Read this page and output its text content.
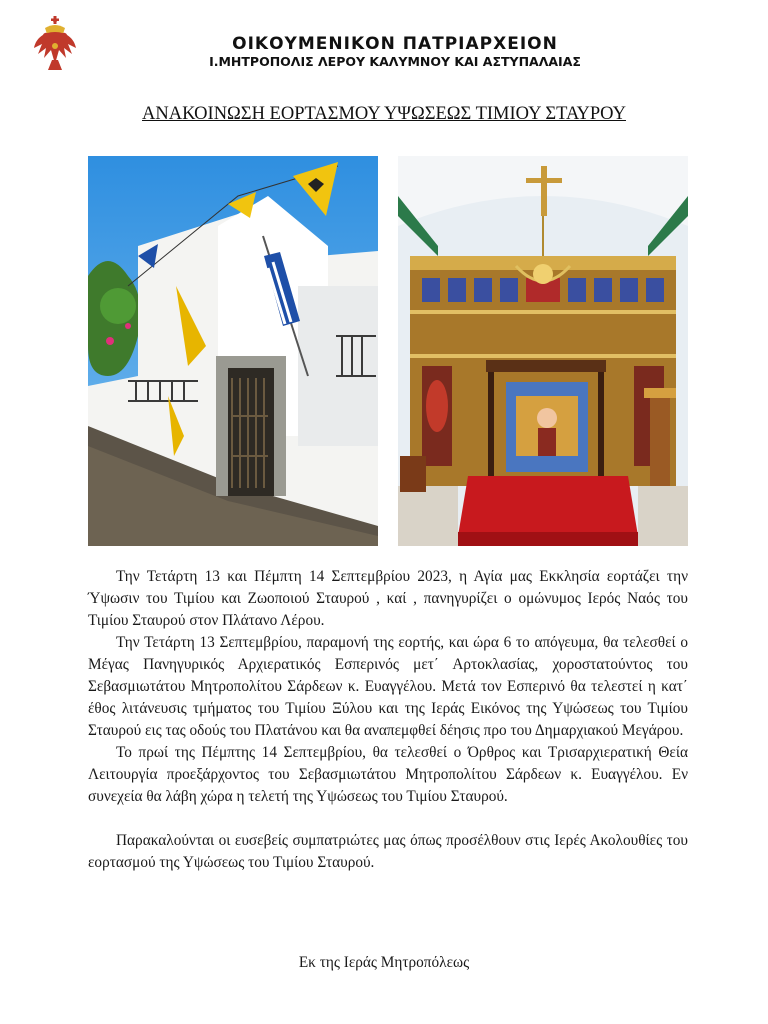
ΟΙΚΟΥΜΕΝΙΚΟΝ ΠΑΤΡΙΑΡΧΕΙΟΝ
Ι.ΜΗΤΡΟΠΟΛΙΣ ΛΕΡΟΥ ΚΑΛΥΜΝΟΥ ΚΑΙ ΑΣΤΥΠΑΛΑΙΑΣ
ΑΝΑΚΟΙΝΩΣΗ ΕΟΡΤΑΣΜΟΥ ΥΨΩΣΕΩΣ ΤΙΜΙΟΥ ΣΤΑΥΡΟΥ

Την Τετάρτη 13 και Πέμπτη 14 Σεπτεμβρίου 2023, η Αγία μας Εκκλησία εορτάζει την Ύψωσιν του Τιμίου και Ζωοποιού Σταυρού , καί , πανηγυρίζει ο ομώνυμος Ιερός Ναός του Τιμίου Σταυρού στον Πλάτανο Λέρου.

Την Τετάρτη 13 Σεπτεμβρίου, παραμονή της εορτής, και ώρα 6 το απόγευμα, θα τελεσθεί ο Μέγας Πανηγυρικός Αρχιερατικός Εσπερινός μετ΄ Αρτοκλασίας, χοροστατούντος του Σεβασμιωτάτου Μητροπολίτου Σάρδεων κ. Ευαγγέλου. Μετά τον Εσπερινό θα τελεστεί η κατ΄ έθος λιτάνευσις τμήματος του Τιμίου Ξύλου και της Ιεράς Εικόνος της Υψώσεως του Τιμίου Σταυρού εις τας οδούς του Πλατάνου και θα αναπεμφθεί δέησις προ του Δημαρχιακού Μεγάρου.

Το πρωί της Πέμπτης 14 Σεπτεμβρίου, θα τελεσθεί ο Όρθρος και Τρισαρχιερατική Θεία Λειτουργία προεξάρχοντος του Σεβασμιωτάτου Μητροπολίτου Σάρδεων κ. Ευαγγέλου. Εν συνεχεία θα λάβη χώρα η τελετή της Υψώσεως του Τιμίου Σταυρού.

Παρακαλούνται οι ευσεβείς συμπατριώτες μας όπως προσέλθουν στις Ιερές Ακολουθίες του εορτασμού της Υψώσεως του Τιμίου Σταυρού.

Εκ της Ιεράς Μητροπόλεως
